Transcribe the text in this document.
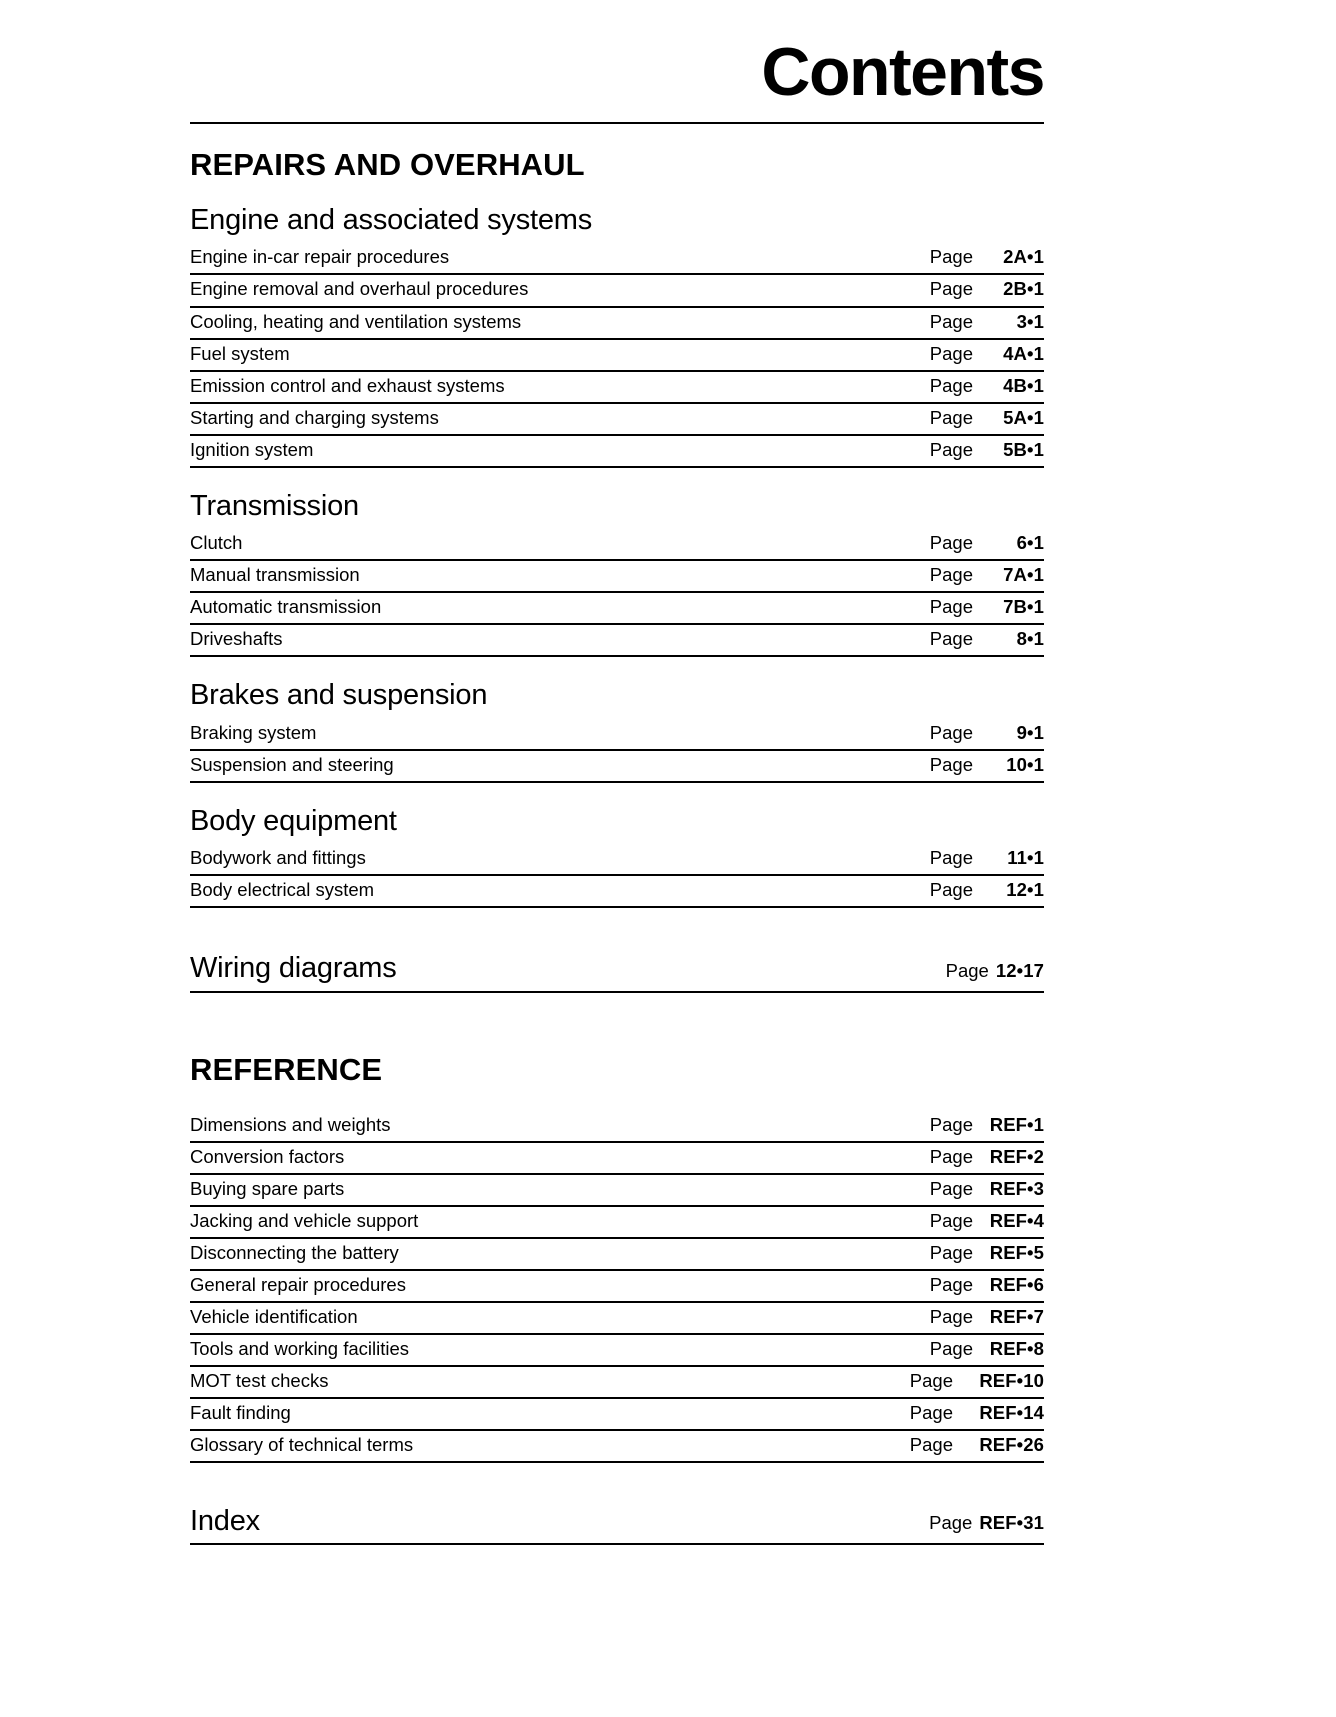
Contents
REPAIRS AND OVERHAUL
Engine and associated systems
Engine in-car repair procedures	Page	2A•1
Engine removal and overhaul procedures	Page	2B•1
Cooling, heating and ventilation systems	Page	3•1
Fuel system	Page	4A•1
Emission control and exhaust systems	Page	4B•1
Starting and charging systems	Page	5A•1
Ignition system	Page	5B•1
Transmission
Clutch	Page	6•1
Manual transmission	Page	7A•1
Automatic transmission	Page	7B•1
Driveshafts	Page	8•1
Brakes and suspension
Braking system	Page	9•1
Suspension and steering	Page	10•1
Body equipment
Bodywork and fittings	Page	11•1
Body electrical system	Page	12•1
Wiring diagrams	Page 12•17
REFERENCE
Dimensions and weights	Page REF•1
Conversion factors	Page REF•2
Buying spare parts	Page REF•3
Jacking and vehicle support	Page REF•4
Disconnecting the battery	Page REF•5
General repair procedures	Page REF•6
Vehicle identification	Page REF•7
Tools and working facilities	Page REF•8
MOT test checks	Page	REF•10
Fault finding	Page	REF•14
Glossary of technical terms	Page	REF•26
Index	Page REF•31
